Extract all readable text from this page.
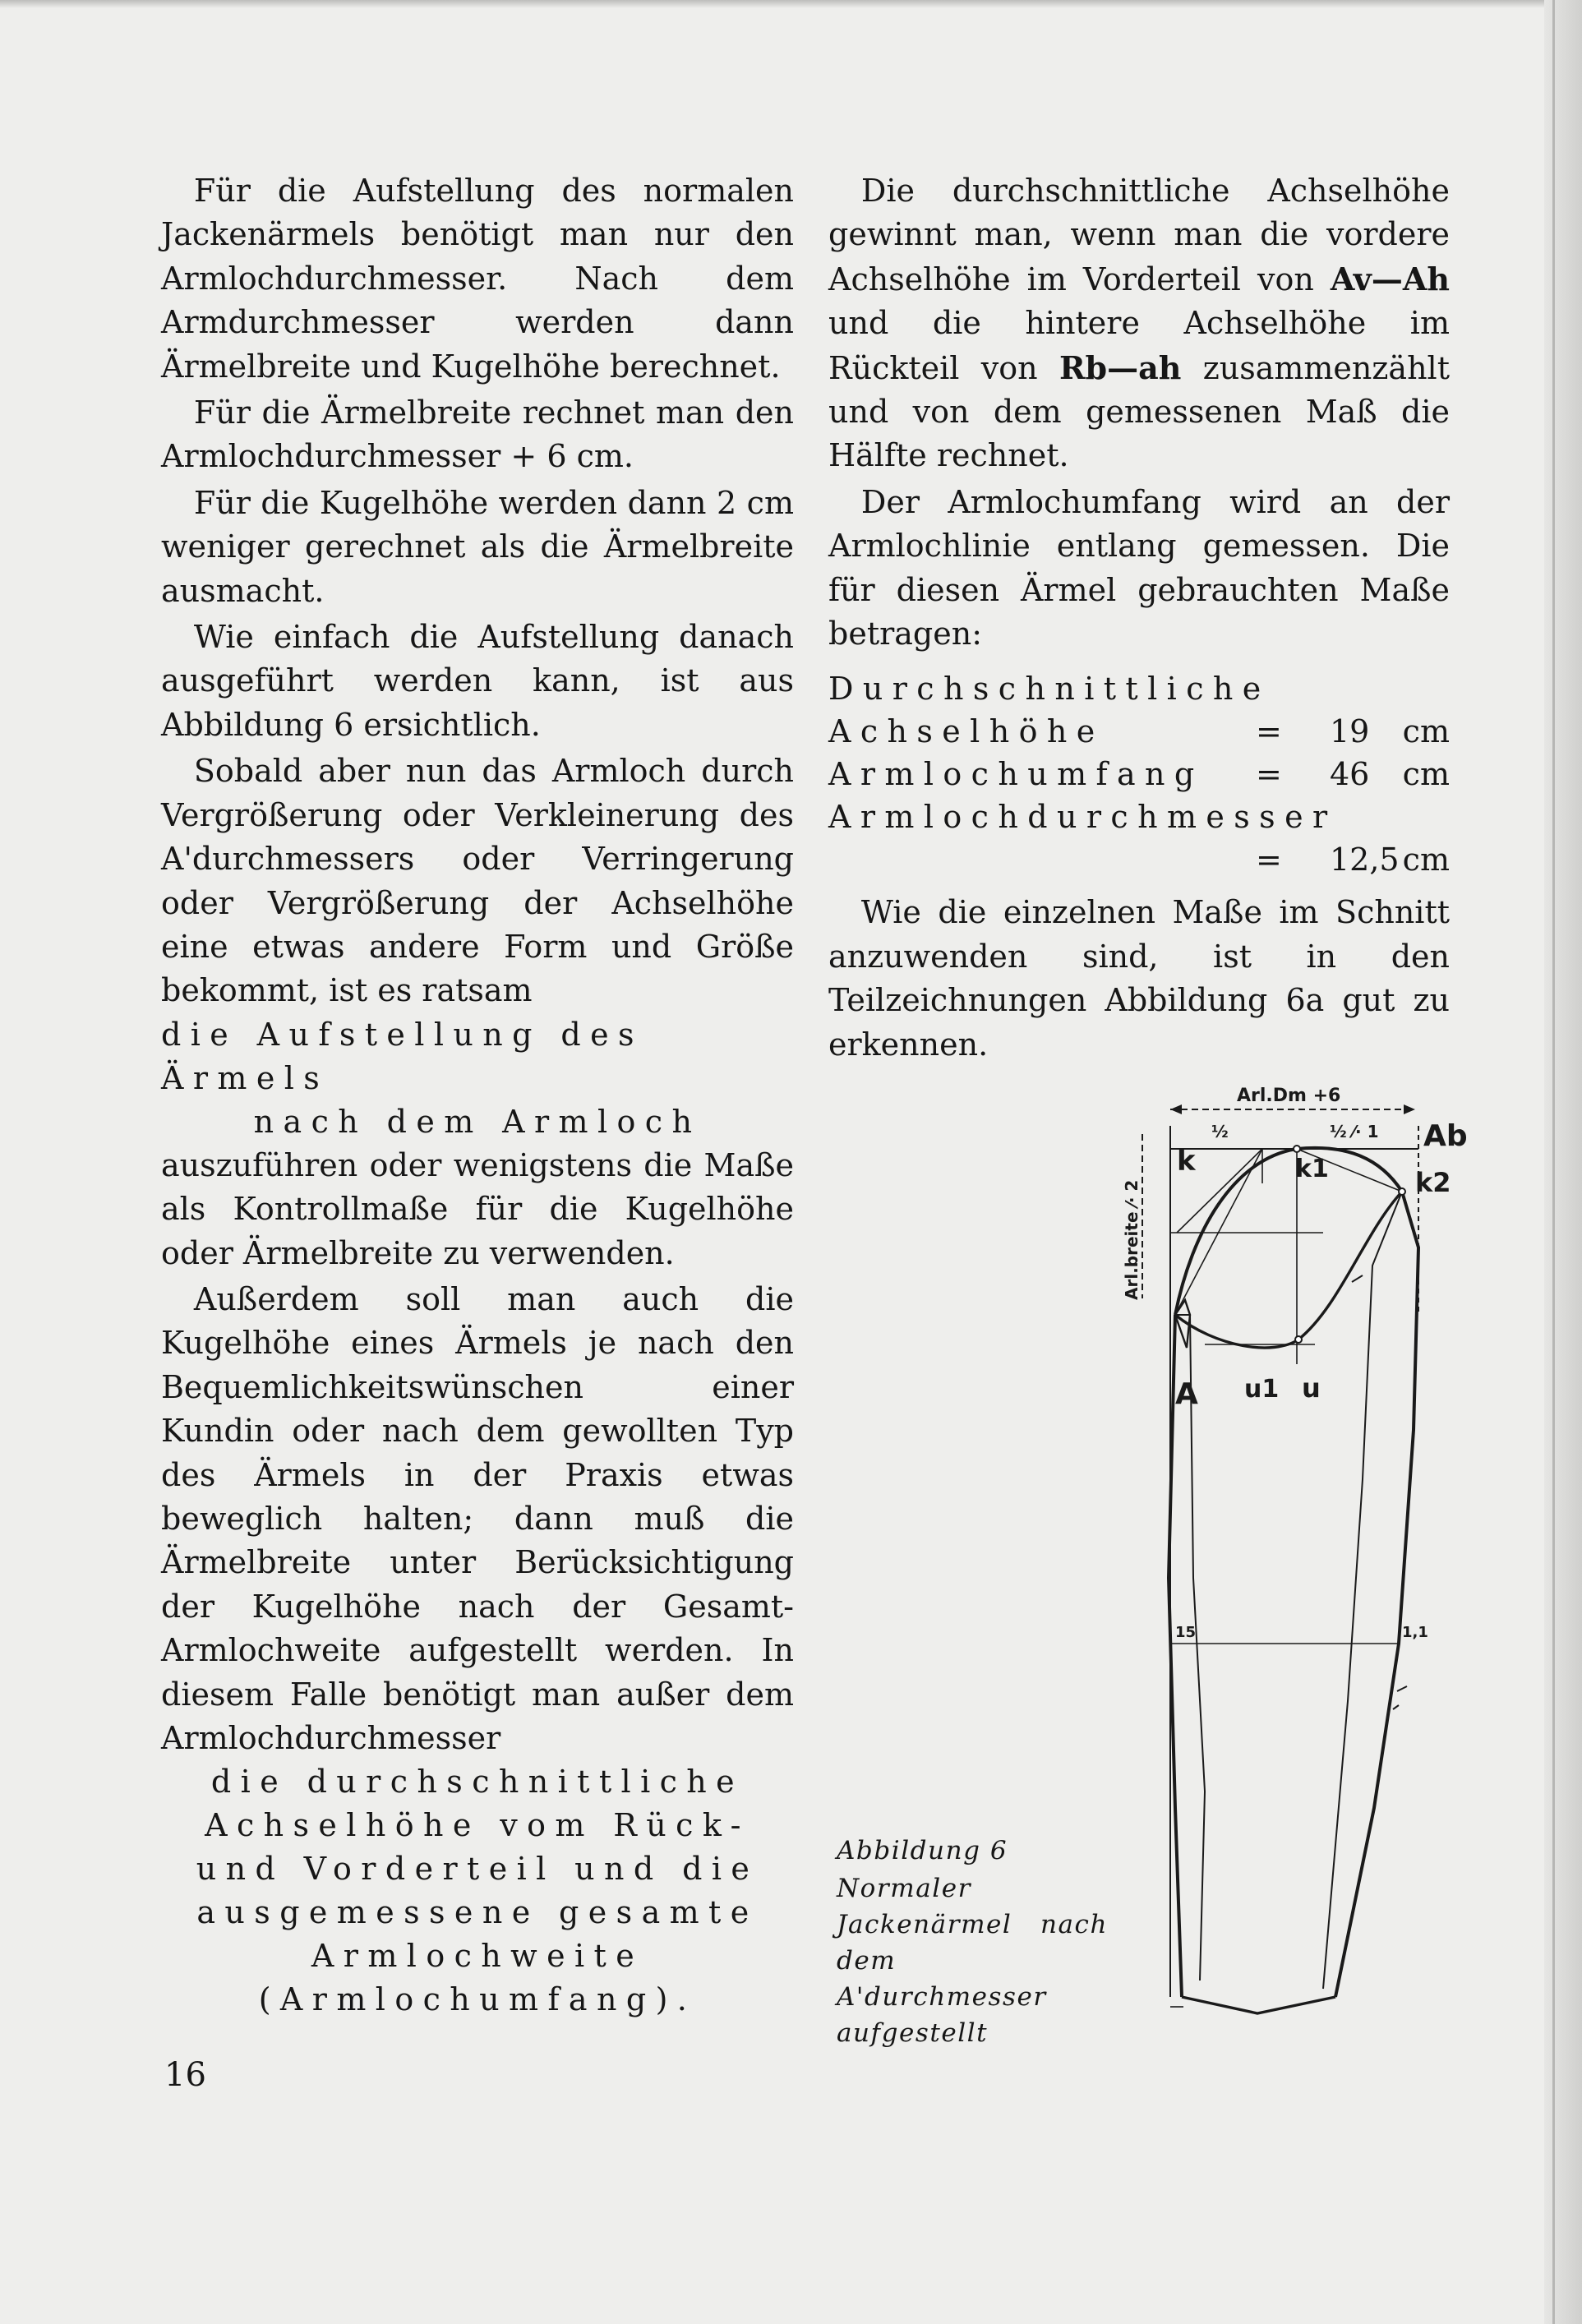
Für die Aufstellung des normalen Jackenärmels benötigt man nur den Armlochdurchmesser. Nach dem Armdurchmesser werden dann Ärmelbreite und Kugelhöhe berechnet.

Für die Ärmelbreite rechnet man den Armlochdurchmesser + 6 cm.

Für die Kugelhöhe werden dann 2 cm weniger gerechnet als die Ärmelbreite ausmacht.

Wie einfach die Aufstellung danach ausgeführt werden kann, ist aus Abbildung 6 ersichtlich.

Sobald aber nun das Armloch durch Vergrößerung oder Verkleinerung des A'durchmessers oder Verringerung oder Vergrößerung der Achselhöhe eine etwas andere Form und Größe bekommt, ist es ratsam
die Aufstellung des Ärmels
nach dem Armloch
auszuführen oder wenigstens die Maße als Kontrollmaße für die Kugelhöhe oder Ärmelbreite zu verwenden.

Außerdem soll man auch die Kugelhöhe eines Ärmels je nach den Bequemlichkeitswünschen einer Kundin oder nach dem gewollten Typ des Ärmels in der Praxis etwas beweglich halten; dann muß die Ärmelbreite unter Berücksichtigung der Kugelhöhe nach der Gesamt-Armlochweite aufgestellt werden. In diesem Falle benötigt man außer dem Armlochdurchmesser
die durchschnittliche Achselhöhe vom Rück- und Vorderteil und die ausgemessene gesamte Armlochweite (Armlochumfang).

Die durchschnittliche Achselhöhe gewinnt man, wenn man die vordere Achselhöhe im Vorderteil von Av—Ah und die hintere Achselhöhe im Rückteil von Rb—ah zusammenzählt und von dem gemessenen Maß die Hälfte rechnet.

Der Armlochumfang wird an der Armlochlinie entlang gemessen. Die für diesen Ärmel gebrauchten Maße betragen:

Durchschnittliche
Achselhöhe	=	19	cm
Armlochumfang	=	46	cm
Armlochdurchmesser
=	12,5 cm

Wie die einzelnen Maße im Schnitt anzuwenden sind, ist in den Teilzeichnungen Abbildung 6a gut zu erkennen.

Arl.Dm +6
½	½ ⁄· 1 Ab
k	k1	k2
A u1 u
15	1,1
Arl.breite ⁄· 2
Abbildung 6
Normaler Jackenärmel nach dem A'durchmesser aufgestellt
16
